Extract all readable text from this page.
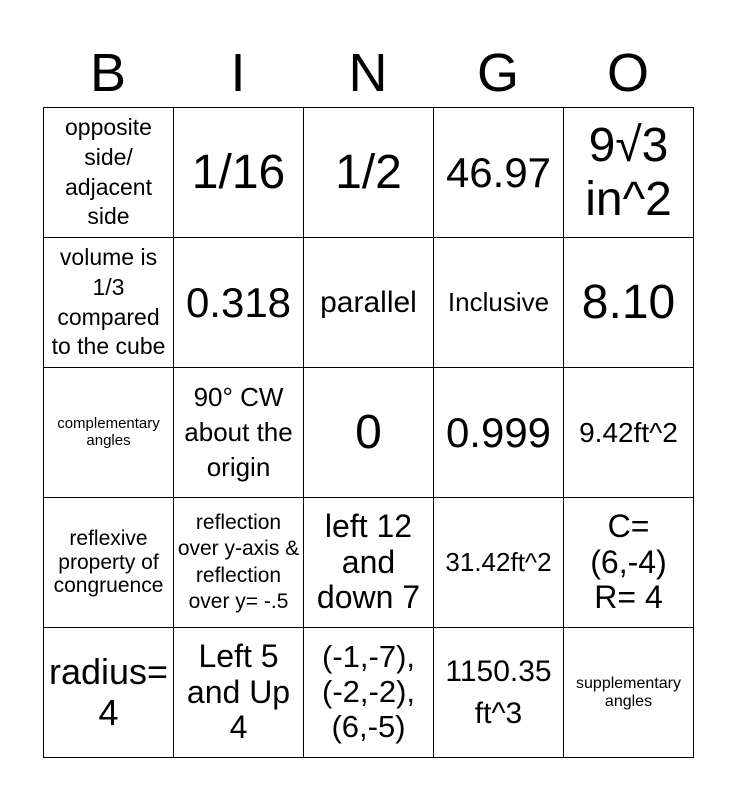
B	I	N	G	O
opposite side/ adjacent side	1/16	1/2	46.97	9√3 in^2
volume is 1/3 compared to the cube	0.318	parallel	Inclusive	8.10
complementary angles	90° CW about the origin	0	0.999	9.42ft^2
reflexive property of congruence	reflection over y-axis & reflection over y= -.5	left 12 and down 7	31.42ft^2	C= (6,-4) R= 4
radius= 4	Left 5 and Up 4	(-1,-7), (-2,-2), (6,-5)	1150.35 ft^3	supplementary angles
